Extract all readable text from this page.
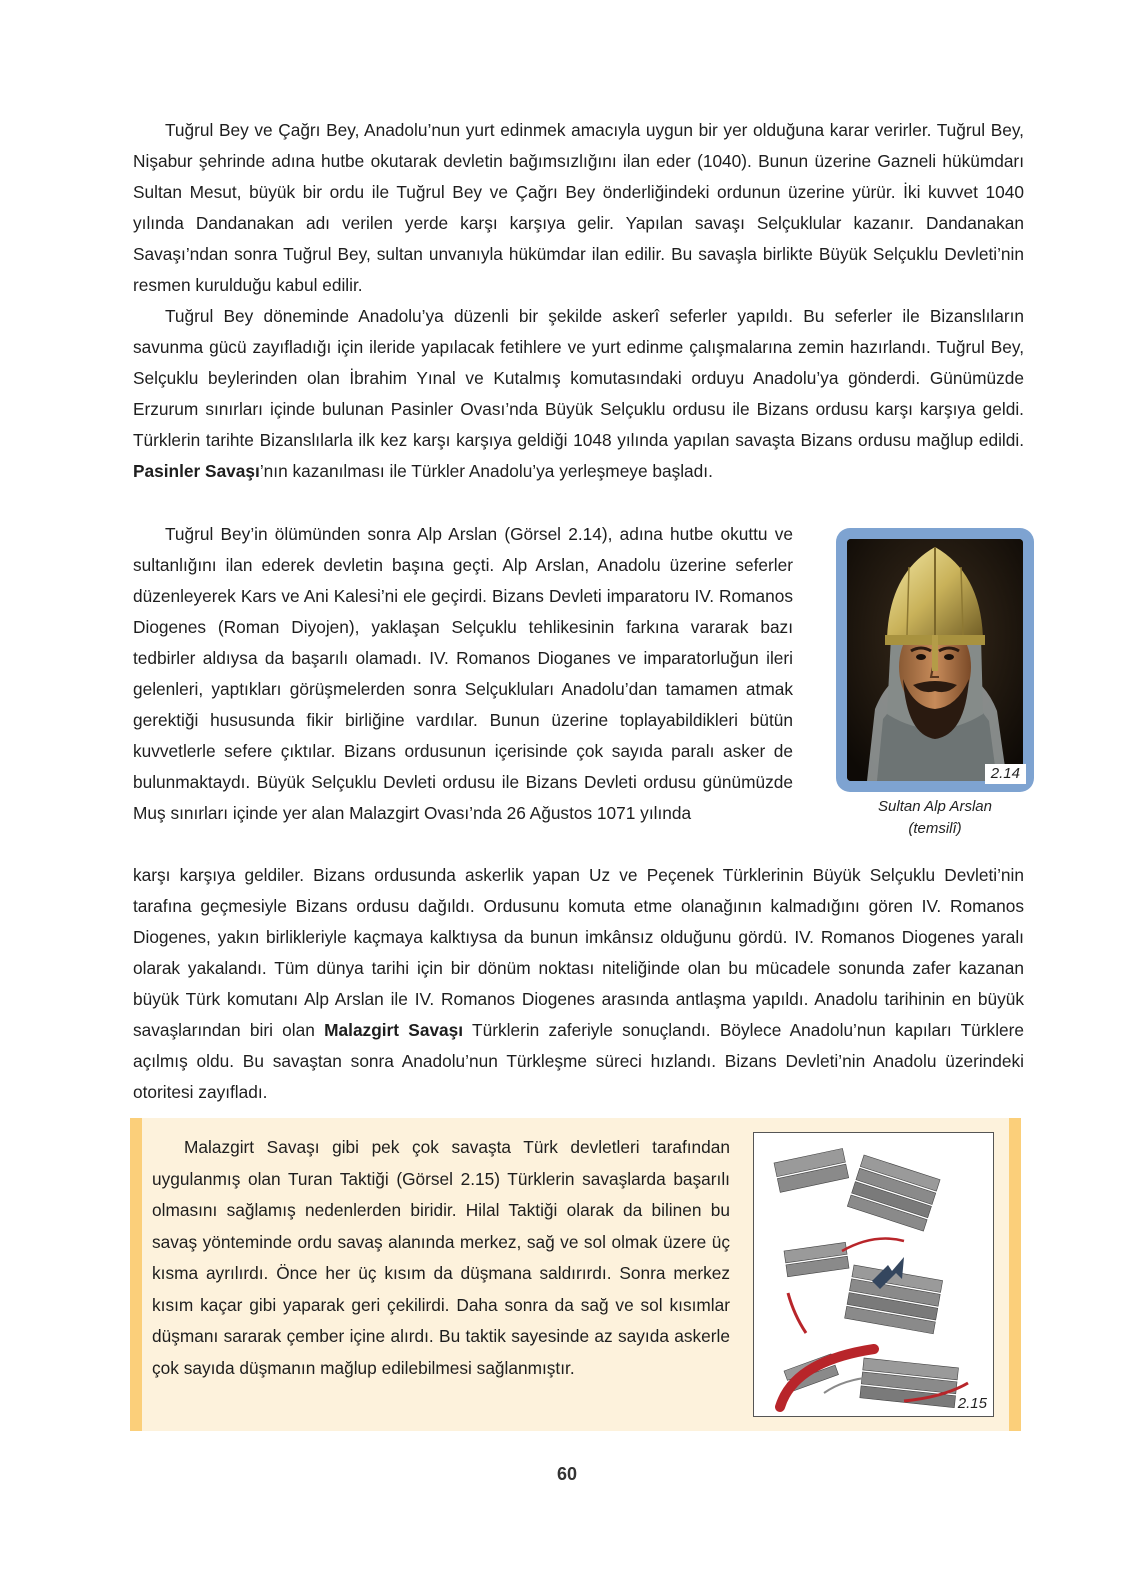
Tuğrul Bey ve Çağrı Bey, Anadolu’nun yurt edinmek amacıyla uygun bir yer olduğuna karar verirler. Tuğrul Bey, Nişabur şehrinde adına hutbe okutarak devletin bağımsızlığını ilan eder (1040). Bunun üzerine Gazneli hükümdarı Sultan Mesut, büyük bir ordu ile Tuğrul Bey ve Çağrı Bey önderliğindeki ordunun üzerine yürür. İki kuvvet 1040 yılında Dandanakan adı verilen yerde karşı karşıya gelir. Yapılan savaşı Selçuklular kazanır. Dandanakan Savaşı’ndan sonra Tuğrul Bey, sultan unvanıyla hükümdar ilan edilir. Bu savaşla birlikte Büyük Selçuklu Devleti’nin resmen kurulduğu kabul edilir.

Tuğrul Bey döneminde Anadolu’ya düzenli bir şekilde askerî seferler yapıldı. Bu seferler ile Bizanslıların savunma gücü zayıfladığı için ileride yapılacak fetihlere ve yurt edinme çalışmalarına zemin hazırlandı. Tuğrul Bey, Selçuklu beylerinden olan İbrahim Yınal ve Kutalmış komutasındaki orduyu Anadolu’ya gönderdi. Günümüzde Erzurum sınırları içinde bulunan Pasinler Ovası’nda Büyük Selçuklu ordusu ile Bizans ordusu karşı karşıya geldi. Türklerin tarihte Bizanslılarla ilk kez karşı karşıya geldiği 1048 yılında yapılan savaşta Bizans ordusu mağlup edildi. Pasinler Savaşı’nın kazanılması ile Türkler Anadolu’ya yerleşmeye başladı.

Tuğrul Bey’in ölümünden sonra Alp Arslan (Görsel 2.14), adına hutbe okuttu ve sultanlığını ilan ederek devletin başına geçti. Alp Arslan, Anadolu üzerine seferler düzenleyerek Kars ve Ani Kalesi’ni ele geçirdi. Bizans Devleti imparatoru IV. Romanos Diogenes (Roman Diyojen), yaklaşan Selçuklu tehlikesinin farkına vararak bazı tedbirler aldıysa da başarılı olamadı. IV. Romanos Dioganes ve imparatorluğun ileri gelenleri, yaptıkları görüşmelerden sonra Selçukluları Anadolu’dan tamamen atmak gerektiği hususunda fikir birliğine vardılar. Bunun üzerine toplayabildikleri bütün kuvvetlerle sefere çıktılar. Bizans ordusunun içerisinde çok sayıda paralı asker de bulunmaktaydı. Büyük Selçuklu Devleti ordusu ile Bizans Devleti ordusu günümüzde Muş sınırları içinde yer alan Malazgirt Ovası’nda 26 Ağustos 1071 yılında

2.14
Sultan Alp Arslan
(temsilî)

karşı karşıya geldiler. Bizans ordusunda askerlik yapan Uz ve Peçenek Türklerinin Büyük Selçuklu Devleti’nin tarafına geçmesiyle Bizans ordusu dağıldı. Ordusunu komuta etme olanağının kalmadığını gören IV. Romanos Diogenes, yakın birlikleriyle kaçmaya kalktıysa da bunun imkânsız olduğunu gördü. IV. Romanos Diogenes yaralı olarak yakalandı. Tüm dünya tarihi için bir dönüm noktası niteliğinde olan bu mücadele sonunda zafer kazanan büyük Türk komutanı Alp Arslan ile IV. Romanos Diogenes arasında antlaşma yapıldı. Anadolu tarihinin en büyük savaşlarından biri olan Malazgirt Savaşı Türklerin zaferiyle sonuçlandı. Böylece Anadolu’nun kapıları Türklere açılmış oldu. Bu savaştan sonra Anadolu’nun Türkleşme süreci hızlandı. Bizans Devleti’nin Anadolu üzerindeki otoritesi zayıfladı.

Malazgirt Savaşı gibi pek çok savaşta Türk devletleri tarafından uygulanmış olan Turan Taktiği (Görsel 2.15) Türklerin savaşlarda başarılı olmasını sağlamış nedenlerden biridir. Hilal Taktiği olarak da bilinen bu savaş yönteminde ordu savaş alanında merkez, sağ ve sol olmak üzere üç kısma ayrılırdı. Önce her üç kısım da düşmana saldırırdı. Sonra merkez kısım kaçar gibi yaparak geri çekilirdi. Daha sonra da sağ ve sol kısımlar düşmanı sararak çember içine alırdı. Bu taktik sayesinde az sayıda askerle çok sayıda düşmanın mağlup edilebilmesi sağlanmıştır.

2.15
60
